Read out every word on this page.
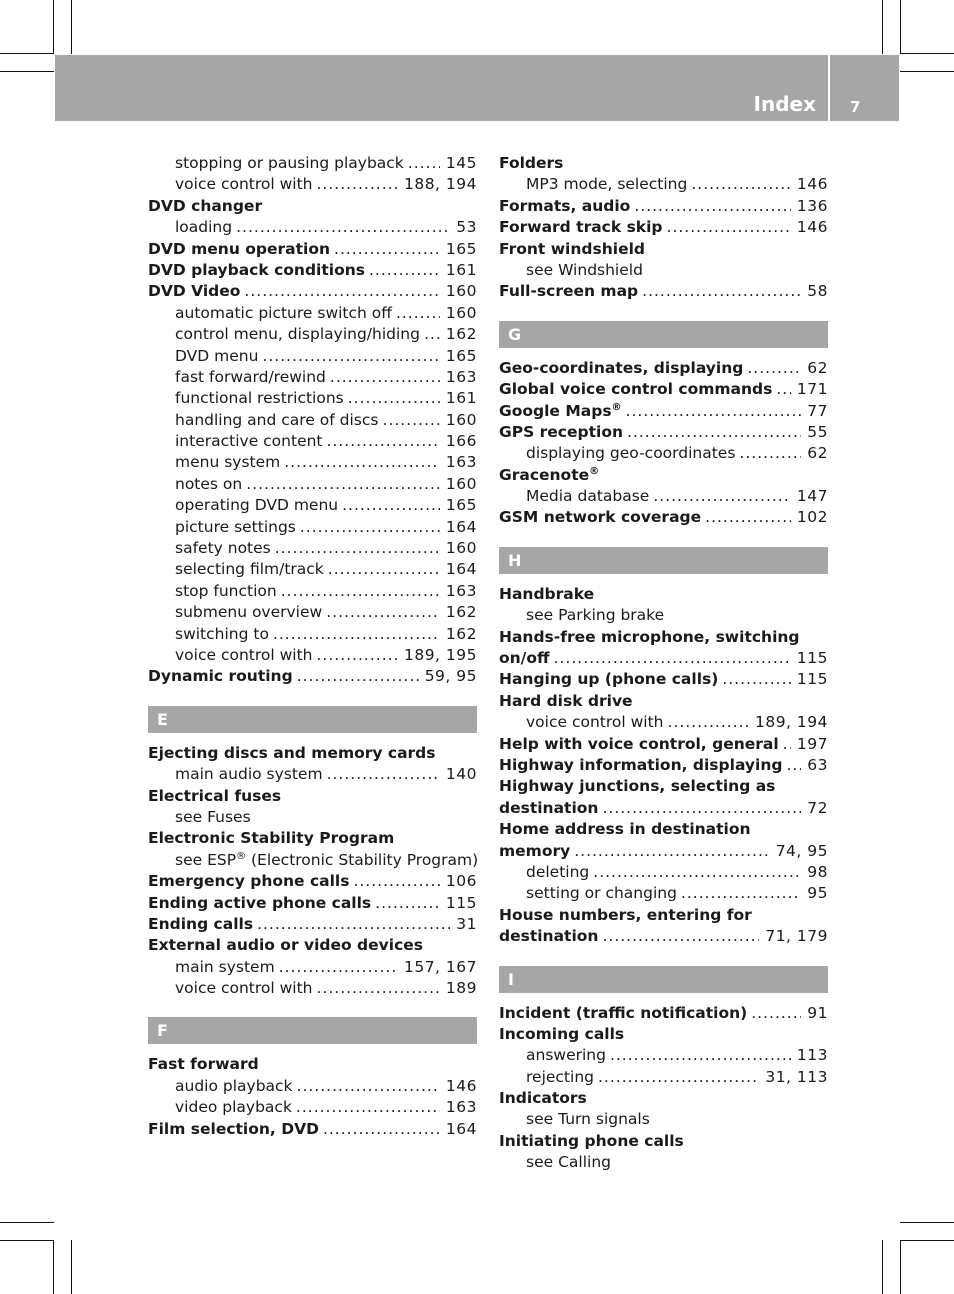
Index 7
stopping or pausing playback .....	145
voice control with .....	188, 194
DVD changer
loading .....	53
DVD menu operation .....	165
DVD playback conditions .....	161
DVD Video .....	160
automatic picture switch off .....	160
control menu, displaying/hiding ..... 162
DVD menu .....	165
fast forward/rewind .....	163
functional restrictions .....	161
handling and care of discs .....	160
interactive content .....	166
menu system .....	163
notes on .....	160
operating DVD menu .....	165
picture settings .....	164
safety notes .....	160
selecting film/track .....	164
stop function .....	163
submenu overview .....	162
switching to .....	162
voice control with .....	189, 195
Dynamic routing .....	59, 95
E
Ejecting discs and memory cards
main audio system .....	140
Electrical fuses
see Fuses
Electronic Stability Program
see ESP® (Electronic Stability Program)
Emergency phone calls .....	106
Ending active phone calls .....	115
Ending calls .....	31
External audio or video devices
main system .....	157, 167
voice control with .....	189
F
Fast forward
audio playback .....	146
video playback .....	163
Film selection, DVD .....	164
Folders
MP3 mode, selecting .....	146
Formats, audio .....	136
Forward track skip .....	146
Front windshield
see Windshield
Full-screen map .....	58
G
Geo-coordinates, displaying .....	62
Global voice control commands ..... 171
Google Maps® .....	77
GPS reception .....	55
displaying geo-coordinates .....	62
Gracenote®
Media database .....	147
GSM network coverage .....	102
H
Handbrake
see Parking brake
Hands-free microphone, switching
on/off .....	115
Hanging up (phone calls) .....	115
Hard disk drive
voice control with .....	189, 194
Help with voice control, general ..... 197
Highway information, displaying ..... 63
Highway junctions, selecting as
destination .....	72
Home address in destination
memory .....	74, 95
deleting .....	98
setting or changing .....	95
House numbers, entering for
destination .....	71, 179
I
Incident (traffic notification) .....	91
Incoming calls
answering .....	113
rejecting .....	31, 113
Indicators
see Turn signals
Initiating phone calls
see Calling
